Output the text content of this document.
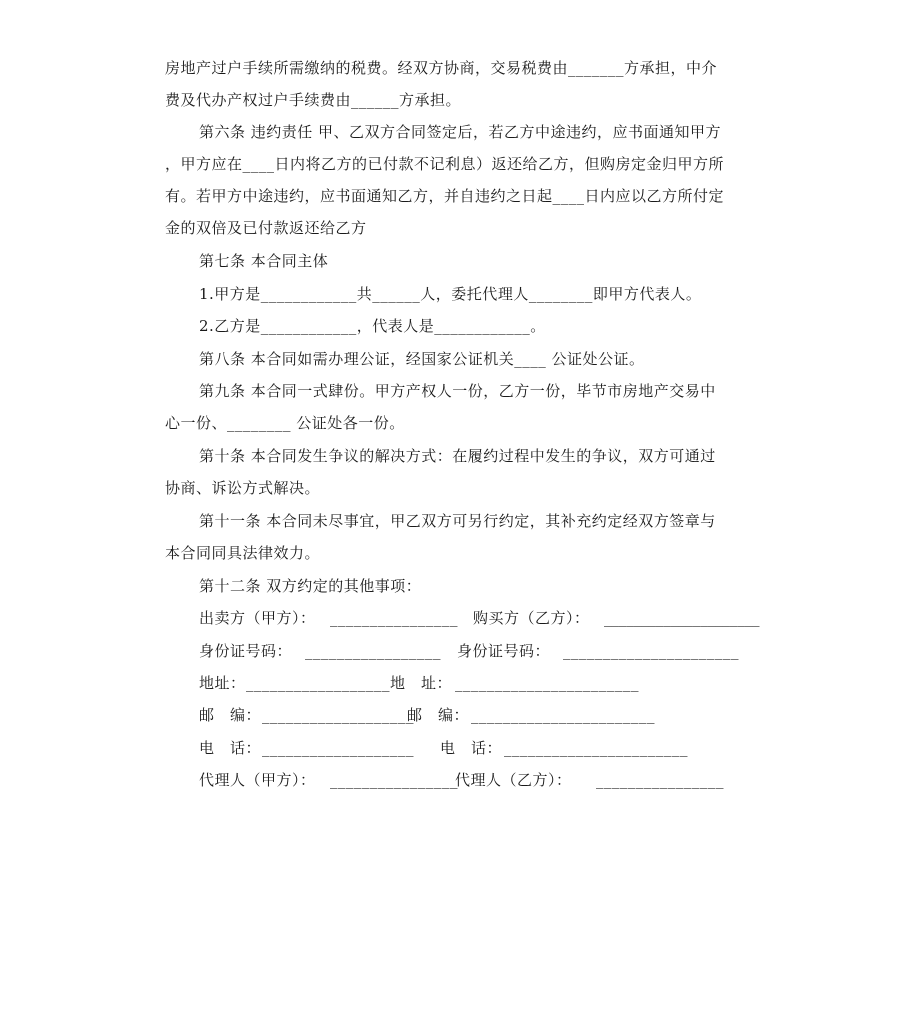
房地产过户手续所需缴纳的税费。经双方协商，交易税费由_______方承担，中介
费及代办产权过户手续费由______方承担。
第六条 违约责任 甲、乙双方合同签定后，若乙方中途违约，应书面通知甲方
，甲方应在____日内将乙方的已付款不记利息）返还给乙方，但购房定金归甲方所
有。若甲方中途违约，应书面通知乙方，并自违约之日起____日内应以乙方所付定
金的双倍及已付款返还给乙方
第七条 本合同主体
1.甲方是____________共______人，委托代理人________即甲方代表人。
2.乙方是____________，代表人是____________。
第八条 本合同如需办理公证，经国家公证机关____ 公证处公证。
第九条 本合同一式肆份。甲方产权人一份，乙方一份，毕节市房地产交易中
心一份、________ 公证处各一份。
第十条 本合同发生争议的解决方式：在履约过程中发生的争议，双方可通过
协商、诉讼方式解决。
第十一条 本合同未尽事宜，甲乙双方可另行约定，其补充约定经双方签章与
本合同同具法律效力。
第十二条 双方约定的其他事项：
出卖方（甲方）： ________________ 购买方（乙方）： _____________________
身份证号码： _________________ 身份证号码： ______________________
地址： __________________ 地　址： _______________________
邮　编： ___________________
邮　编： _______________________
电　话： ___________________ 电　话： _______________________
代理人（甲方）： ________________
代理人（乙方）： ________________
